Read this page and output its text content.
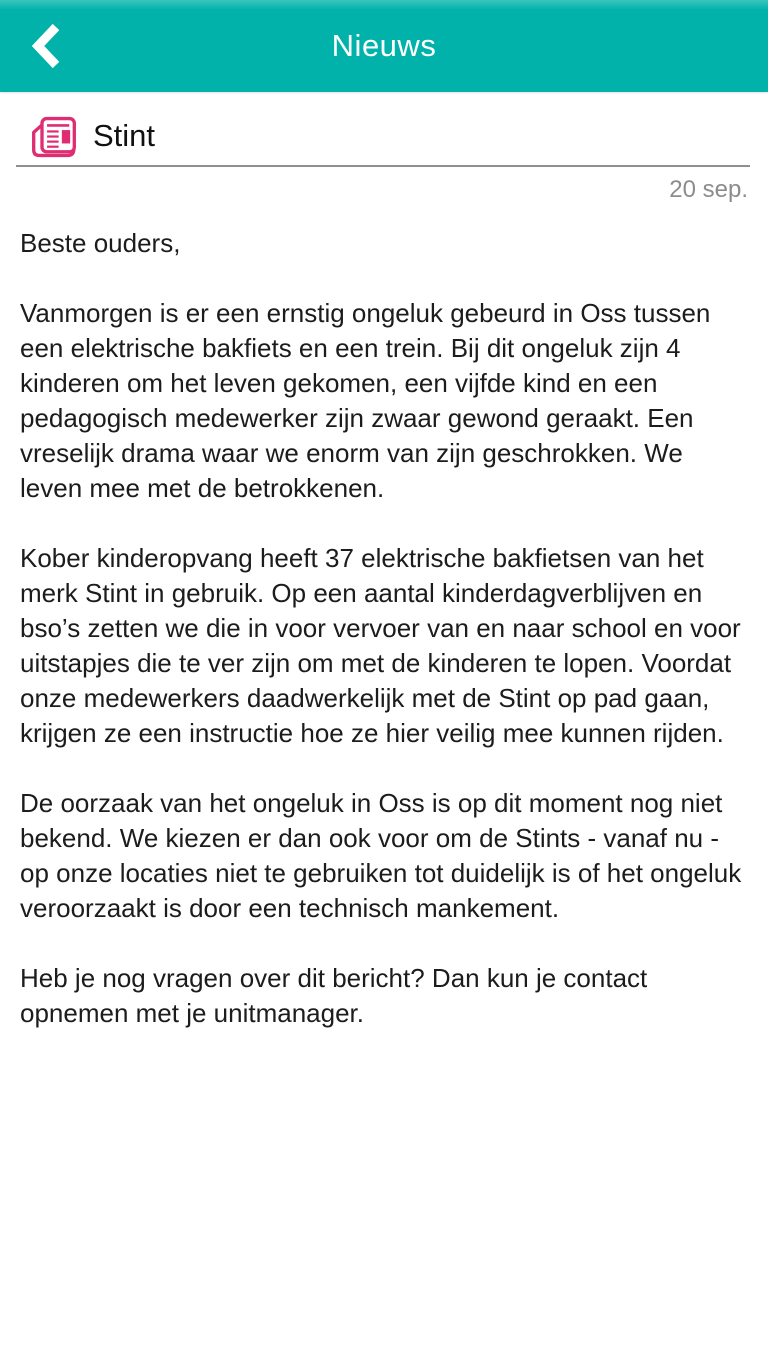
Nieuws
Stint
20 sep.

Beste ouders,

Vanmorgen is er een ernstig ongeluk gebeurd in Oss tussen een elektrische bakfiets en een trein. Bij dit ongeluk zijn 4 kinderen om het leven gekomen, een vijfde kind en een pedagogisch medewerker zijn zwaar gewond geraakt. Een vreselijk drama waar we enorm van zijn geschrokken. We leven mee met de betrokkenen.

Kober kinderopvang heeft 37 elektrische bakfietsen van het merk Stint in gebruik. Op een aantal kinderdagverblijven en bso’s zetten we die in voor vervoer van en naar school en voor uitstapjes die te ver zijn om met de kinderen te lopen. Voordat onze medewerkers daadwerkelijk met de Stint op pad gaan, krijgen ze een instructie hoe ze hier veilig mee kunnen rijden.

De oorzaak van het ongeluk in Oss is op dit moment nog niet bekend. We kiezen er dan ook voor om de Stints - vanaf nu - op onze locaties niet te gebruiken tot duidelijk is of het ongeluk veroorzaakt is door een technisch mankement.

Heb je nog vragen over dit bericht? Dan kun je contact opnemen met je unitmanager.
